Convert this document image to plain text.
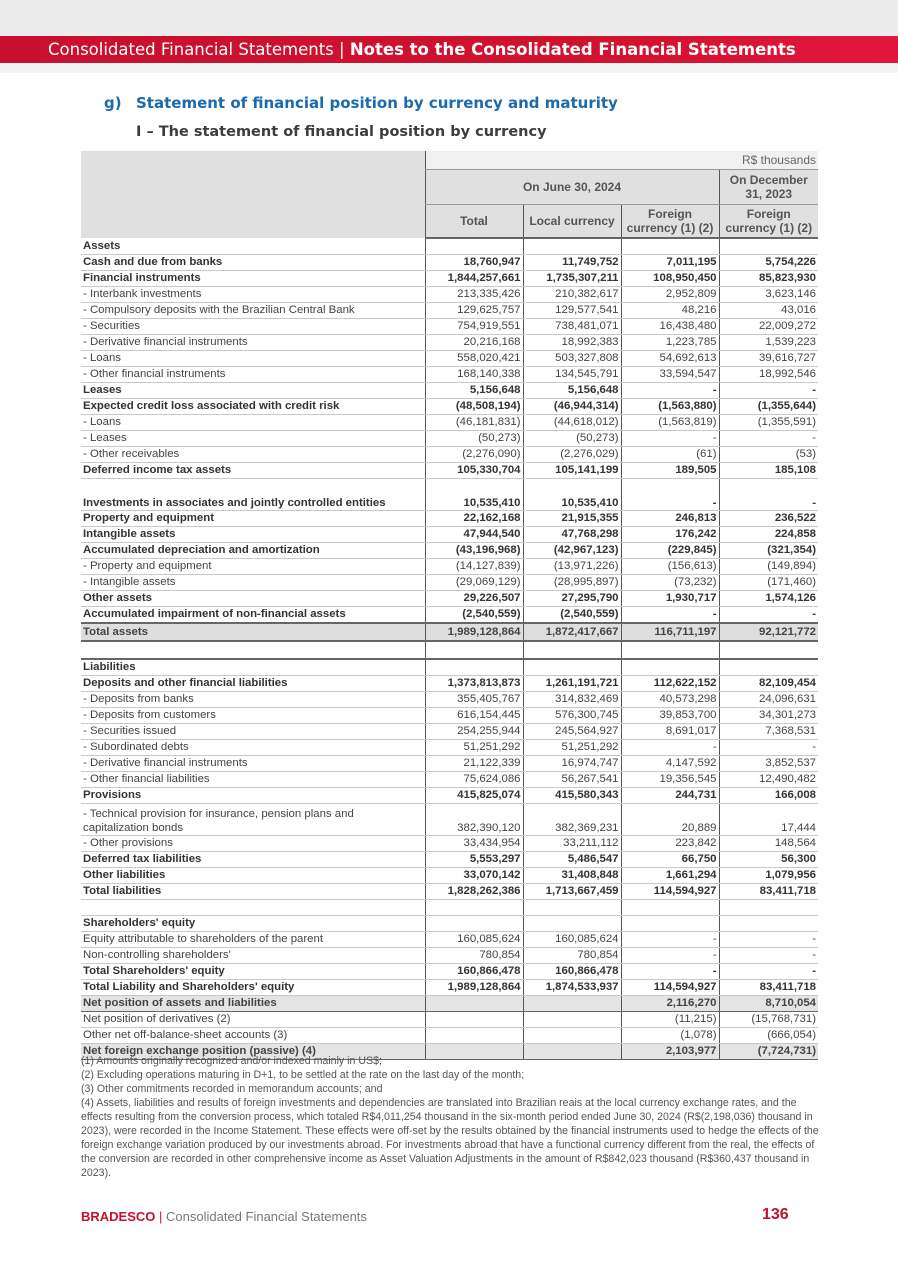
Consolidated Financial Statements | Notes to the Consolidated Financial Statements
g) Statement of financial position by currency and maturity
I – The statement of financial position by currency
	R$ thousands			
	On June 30, 2024			On December 31, 2023
	Total	Local currency	Foreign currency (1) (2)	Foreign currency (1) (2)
Assets				
Cash and due from banks	18,760,947	11,749,752	7,011,195	5,754,226
Financial instruments	1,844,257,661	1,735,307,211	108,950,450	85,823,930
- Interbank investments	213,335,426	210,382,617	2,952,809	3,623,146
- Compulsory deposits with the Brazilian Central Bank	129,625,757	129,577,541	48,216	43,016
- Securities	754,919,551	738,481,071	16,438,480	22,009,272
- Derivative financial instruments	20,216,168	18,992,383	1,223,785	1,539,223
- Loans	558,020,421	503,327,808	54,692,613	39,616,727
- Other financial instruments	168,140,338	134,545,791	33,594,547	18,992,546
Leases	5,156,648	5,156,648	-	-
Expected credit loss associated with credit risk	(48,508,194)	(46,944,314)	(1,563,880)	(1,355,644)
- Loans	(46,181,831)	(44,618,012)	(1,563,819)	(1,355,591)
- Leases	(50,273)	(50,273)	-	-
- Other receivables	(2,276,090)	(2,276,029)	(61)	(53)
Deferred income tax assets	105,330,704	105,141,199	189,505	185,108
Investments in associates and jointly controlled entities	10,535,410	10,535,410	-	-
Property and equipment	22,162,168	21,915,355	246,813	236,522
Intangible assets	47,944,540	47,768,298	176,242	224,858
Accumulated depreciation and amortization	(43,196,968)	(42,967,123)	(229,845)	(321,354)
- Property and equipment	(14,127,839)	(13,971,226)	(156,613)	(149,894)
- Intangible assets	(29,069,129)	(28,995,897)	(73,232)	(171,460)
Other assets	29,226,507	27,295,790	1,930,717	1,574,126
Accumulated impairment of non-financial assets	(2,540,559)	(2,540,559)	-	-
Total assets	1,989,128,864	1,872,417,667	116,711,197	92,121,772

Liabilities				
Deposits and other financial liabilities	1,373,813,873	1,261,191,721	112,622,152	82,109,454
- Deposits from banks	355,405,767	314,832,469	40,573,298	24,096,631
- Deposits from customers	616,154,445	576,300,745	39,853,700	34,301,273
- Securities issued	254,255,944	245,564,927	8,691,017	7,368,531
- Subordinated debts	51,251,292	51,251,292	-	-
- Derivative financial instruments	21,122,339	16,974,747	4,147,592	3,852,537
- Other financial liabilities	75,624,086	56,267,541	19,356,545	12,490,482
Provisions	415,825,074	415,580,343	244,731	166,008
- Technical provision for insurance, pension plans and capitalization bonds	382,390,120	382,369,231	20,889	17,444
- Other provisions	33,434,954	33,211,112	223,842	148,564
Deferred tax liabilities	5,553,297	5,486,547	66,750	56,300
Other liabilities	33,070,142	31,408,848	1,661,294	1,079,956
Total liabilities	1,828,262,386	1,713,667,459	114,594,927	83,411,718

Shareholders' equity				
Equity attributable to shareholders of the parent	160,085,624	160,085,624	-	-
Non-controlling shareholders'	780,854	780,854	-	-
Total Shareholders' equity	160,866,478	160,866,478	-	-
Total Liability and Shareholders' equity	1,989,128,864	1,874,533,937	114,594,927	83,411,718
Net position of assets and liabilities			2,116,270	8,710,054
Net position of derivatives (2)			(11,215)	(15,768,731)
Other net off-balance-sheet accounts (3)			(1,078)	(666,054)
Net foreign exchange position (passive) (4)			2,103,977	(7,724,731)

(1) Amounts originally recognized and/or indexed mainly in US$;

(2) Excluding operations maturing in D+1, to be settled at the rate on the last day of the month;

(3) Other commitments recorded in memorandum accounts; and

(4) Assets, liabilities and results of foreign investments and dependencies are translated into Brazilian reais at the local currency exchange rates, and the effects resulting from the conversion process, which totaled R$4,011,254 thousand in the six-month period ended June 30, 2024 (R$(2,198,036) thousand in 2023), were recorded in the Income Statement. These effects were off-set by the results obtained by the financial instruments used to hedge the effects of the foreign exchange variation produced by our investments abroad. For investments abroad that have a functional currency different from the real, the effects of the conversion are recorded in other comprehensive income as Asset Valuation Adjustments in the amount of R$842,023 thousand (R$360,437 thousand in 2023).

BRADESCO | Consolidated Financial Statements	136
